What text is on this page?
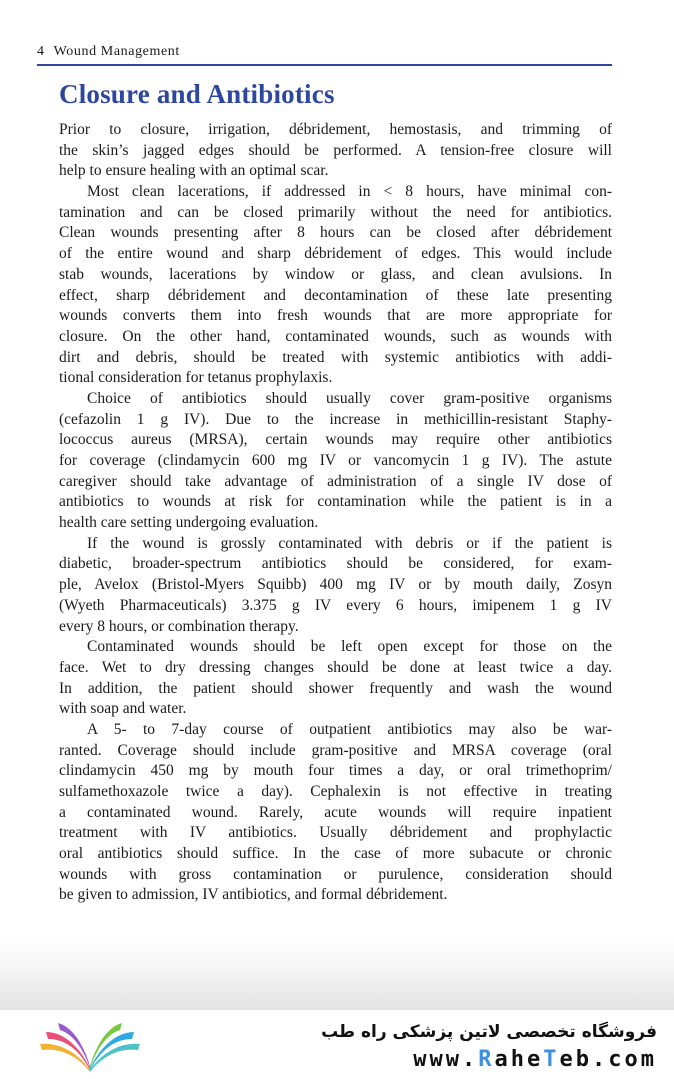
4 Wound Management
Closure and Antibiotics
Prior to closure, irrigation, débridement, hemostasis, and trimming of
the skin’s jagged edges should be performed. A tension-free closure will
help to ensure healing with an optimal scar.
Most clean lacerations, if addressed in < 8 hours, have minimal con-
tamination and can be closed primarily without the need for antibiotics.
Clean wounds presenting after 8 hours can be closed after débridement
of the entire wound and sharp débridement of edges. This would include
stab wounds, lacerations by window or glass, and clean avulsions. In
effect, sharp débridement and decontamination of these late presenting
wounds converts them into fresh wounds that are more appropriate for
closure. On the other hand, contaminated wounds, such as wounds with
dirt and debris, should be treated with systemic antibiotics with addi-
tional consideration for tetanus prophylaxis.
Choice of antibiotics should usually cover gram-positive organisms
(cefazolin 1 g IV). Due to the increase in methicillin-resistant Staphy-
lococcus aureus (MRSA), certain wounds may require other antibiotics
for coverage (clindamycin 600 mg IV or vancomycin 1 g IV). The astute
caregiver should take advantage of administration of a single IV dose of
antibiotics to wounds at risk for contamination while the patient is in a
health care setting undergoing evaluation.
If the wound is grossly contaminated with debris or if the patient is
diabetic, broader-spectrum antibiotics should be considered, for exam-
ple, Avelox (Bristol-Myers Squibb) 400 mg IV or by mouth daily, Zosyn
(Wyeth Pharmaceuticals) 3.375 g IV every 6 hours, imipenem 1 g IV
every 8 hours, or combination therapy.
Contaminated wounds should be left open except for those on the
face. Wet to dry dressing changes should be done at least twice a day.
In addition, the patient should shower frequently and wash the wound
with soap and water.
A 5- to 7-day course of outpatient antibiotics may also be war-
ranted. Coverage should include gram-positive and MRSA coverage (oral
clindamycin 450 mg by mouth four times a day, or oral trimethoprim/
sulfamethoxazole twice a day). Cephalexin is not effective in treating
a contaminated wound. Rarely, acute wounds will require inpatient
treatment with IV antibiotics. Usually débridement and prophylactic
oral antibiotics should suffice. In the case of more subacute or chronic
wounds with gross contamination or purulence, consideration should
be given to admission, IV antibiotics, and formal débridement.
فروشگاه تخصصی لاتین پزشکی راه طب
www.RaheTeb.com
